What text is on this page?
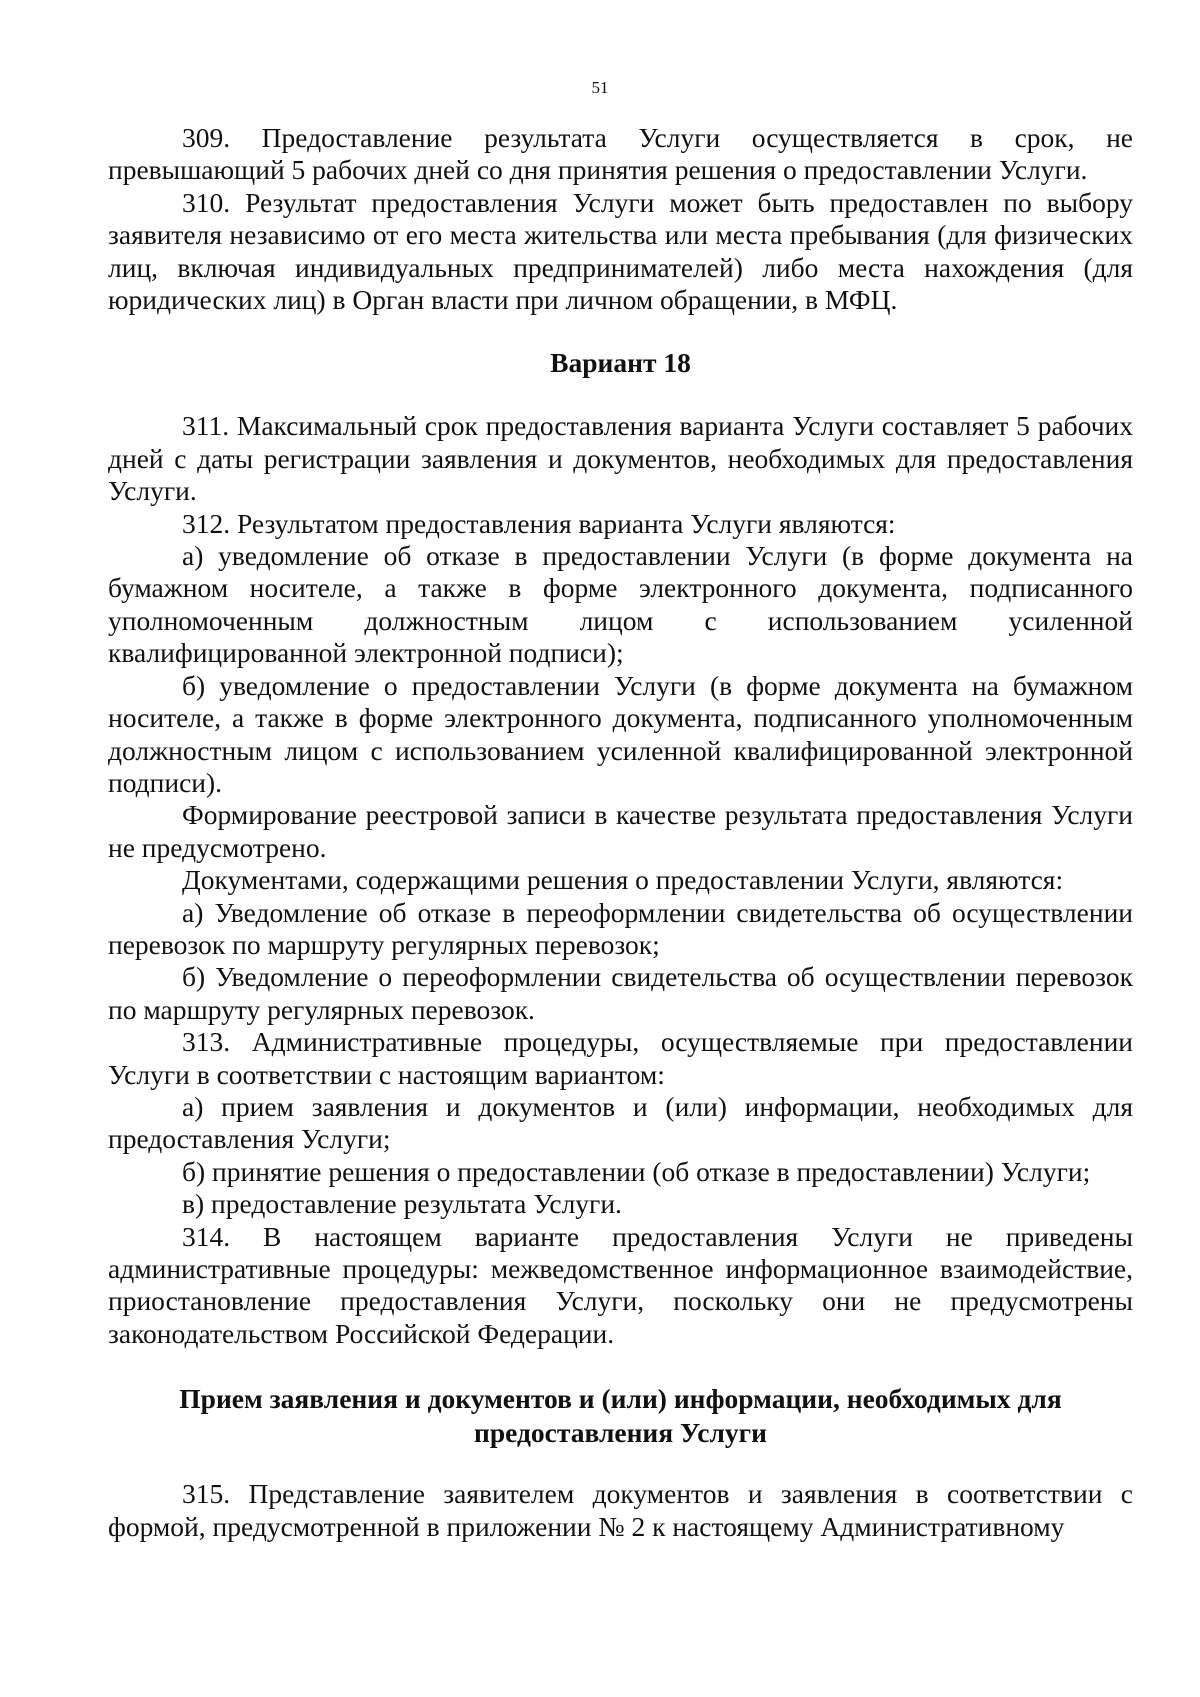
51

309. Предоставление результата Услуги осуществляется в срок, не превышающий 5 рабочих дней со дня принятия решения о предоставлении Услуги.

310. Результат предоставления Услуги может быть предоставлен по выбору заявителя независимо от его места жительства или места пребывания (для физических лиц, включая индивидуальных предпринимателей) либо места нахождения (для юридических лиц) в Орган власти при личном обращении, в МФЦ.

Вариант 18

311. Максимальный срок предоставления варианта Услуги составляет 5 рабочих дней с даты регистрации заявления и документов, необходимых для предоставления Услуги.

312. Результатом предоставления варианта Услуги являются:

а) уведомление об отказе в предоставлении Услуги (в форме документа на бумажном носителе, а также в форме электронного документа, подписанного уполномоченным должностным лицом с использованием усиленной квалифицированной электронной подписи);

б) уведомление о предоставлении Услуги (в форме документа на бумажном носителе, а также в форме электронного документа, подписанного уполномоченным должностным лицом с использованием усиленной квалифицированной электронной подписи).

Формирование реестровой записи в качестве результата предоставления Услуги не предусмотрено.

Документами, содержащими решения о предоставлении Услуги, являются:

а) Уведомление об отказе в переоформлении свидетельства об осуществлении перевозок по маршруту регулярных перевозок;

б) Уведомление о переоформлении свидетельства об осуществлении перевозок по маршруту регулярных перевозок.

313. Административные процедуры, осуществляемые при предоставлении Услуги в соответствии с настоящим вариантом:

а) прием заявления и документов и (или) информации, необходимых для предоставления Услуги;

б) принятие решения о предоставлении (об отказе в предоставлении) Услуги;

в) предоставление результата Услуги.

314. В настоящем варианте предоставления Услуги не приведены административные процедуры: межведомственное информационное взаимодействие, приостановление предоставления Услуги, поскольку они не предусмотрены законодательством Российской Федерации.

Прием заявления и документов и (или) информации, необходимых для предоставления Услуги

315. Представление заявителем документов и заявления в соответствии с формой, предусмотренной в приложении № 2 к настоящему Административному
